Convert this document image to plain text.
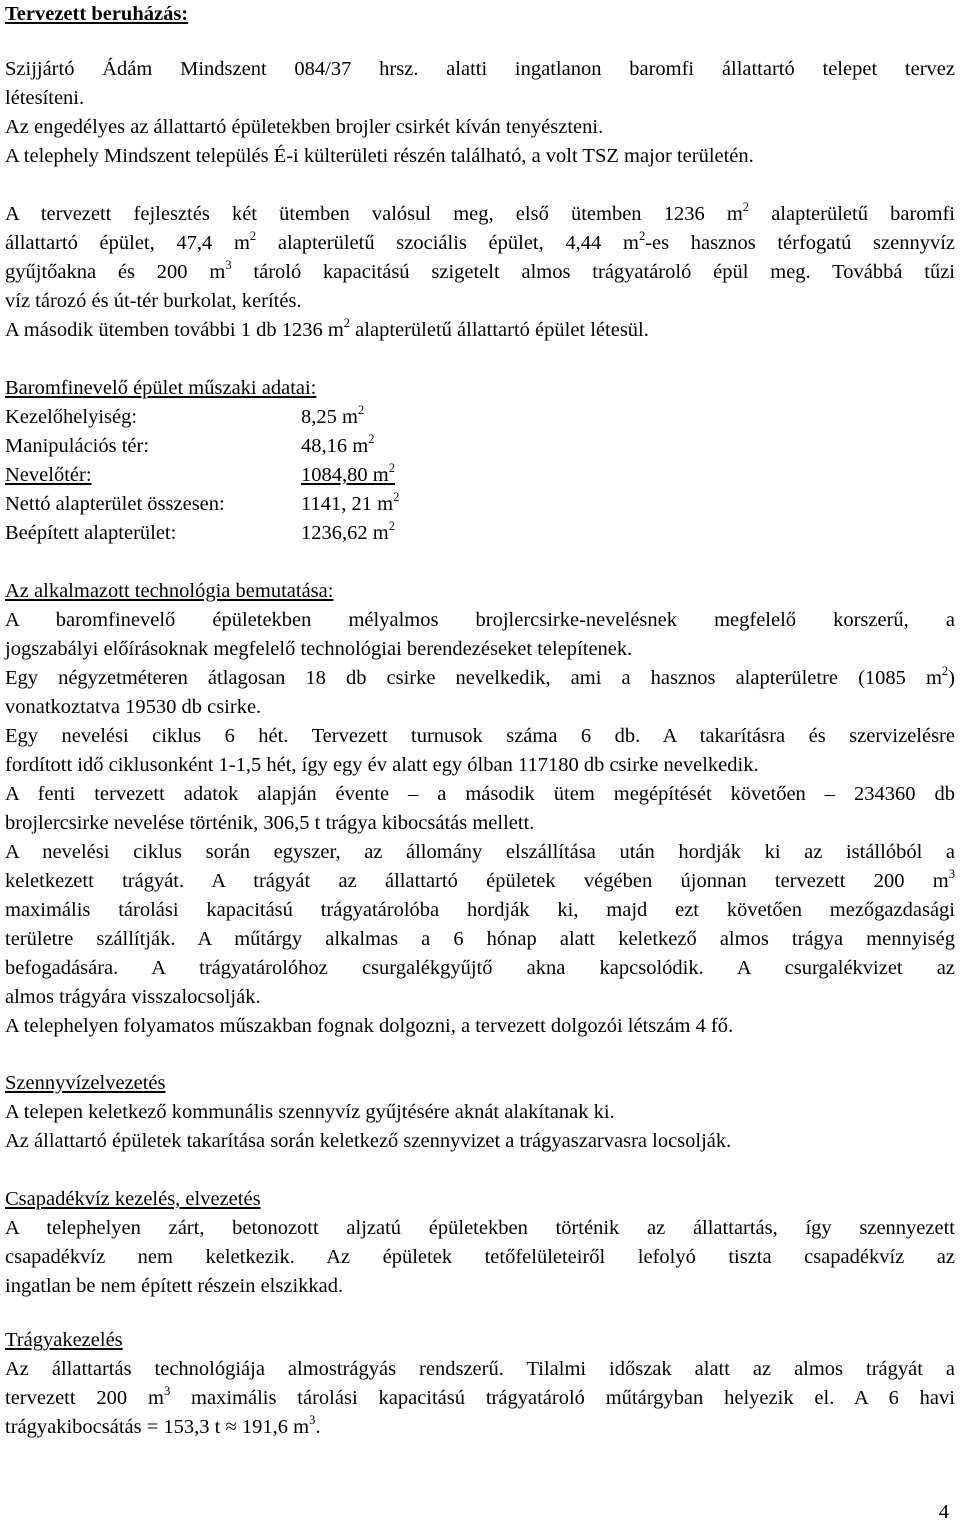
Tervezett beruházás:

Szijjártó Ádám Mindszent 084/37 hrsz. alatti ingatlanon baromfi állattartó telepet tervez

létesíteni.

Az engedélyes az állattartó épületekben brojler csirkét kíván tenyészteni.

A telephely Mindszent település É-i külterületi részén található, a volt TSZ major területén.

A tervezett fejlesztés két ütemben valósul meg, első ütemben 1236 $m^2$ alapterületű baromfi

állattartó épület, 47,4 $m^2$ alapterületű szociális épület, 4,44 $m^2-es$ hasznos térfogatú szennyvíz

gyűjtőakna és 200 $m^3$ tároló kapacitású szigetelt almos trágyatároló épül meg. Továbbá tűzi

víz tározó és út-tér burkolat, kerítés.

A második ütemben további 1 db 1236 $m^2$ alapterületű állattartó épület létesül.

Baromfinevelő épület műszaki adatai:

Kezelőhelyiség:	8,25 $m^2$
Manipulációs tér:	48,16 $m^2$
Nevelőtér:	1084,80 $m^2$
Nettó alapterület összesen:	1141, 21 $m^2$
Beépített alapterület:	1236,62 $m^2$

Az alkalmazott technológia bemutatása:

A baromfinevelő épületekben mélyalmos brojlercsirke-nevelésnek megfelelő korszerű, a

jogszabályi előírásoknak megfelelő technológiai berendezéseket telepítenek.

Egy négyzetméteren átlagosan 18 db csirke nevelkedik, ami a hasznos alapterületre (1085 $m^2$)

vonatkoztatva 19530 db csirke.

Egy nevelési ciklus 6 hét. Tervezett turnusok száma 6 db. A takarításra és szervizelésre

fordított idő ciklusonként 1-1,5 hét, így egy év alatt egy ólban 117180 db csirke nevelkedik.

A fenti tervezett adatok alapján évente – a második ütem megépítését követően – 234360 db

brojlercsirke nevelése történik, 306,5 t trágya kibocsátás mellett.

A nevelési ciklus során egyszer, az állomány elszállítása után hordják ki az istállóból a

keletkezett trágyát. A trágyát az állattartó épületek végében újonnan tervezett 200 $m^3$

maximális tárolási kapacitású trágyatárolóba hordják ki, majd ezt követően mezőgazdasági

területre szállítják. A műtárgy alkalmas a 6 hónap alatt keletkező almos trágya mennyiség

befogadására. A trágyatárolóhoz csurgalékgyűjtő akna kapcsolódik. A csurgalékvizet az

almos trágyára visszalocsolják.

A telephelyen folyamatos műszakban fognak dolgozni, a tervezett dolgozói létszám 4 fő.

Szennyvízelvezetés

A telepen keletkező kommunális szennyvíz gyűjtésére aknát alakítanak ki.

Az állattartó épületek takarítása során keletkező szennyvizet a trágyaszarvasra locsolják.

Csapadékvíz kezelés, elvezetés

A telephelyen zárt, betonozott aljzatú épületekben történik az állattartás, így szennyezett

csapadékvíz nem keletkezik. Az épületek tetőfelületeiről lefolyó tiszta csapadékvíz az

ingatlan be nem épített részein elszikkad.

Trágyakezelés

Az állattartás technológiája almostrágyás rendszerű. Tilalmi időszak alatt az almos trágyát a

tervezett 200 $m^3$ maximális tárolási kapacitású trágyatároló műtárgyban helyezik el. A 6 havi

trágyakibocsátás = 153,3 t ≈ 191,6 $m^3$.

4
